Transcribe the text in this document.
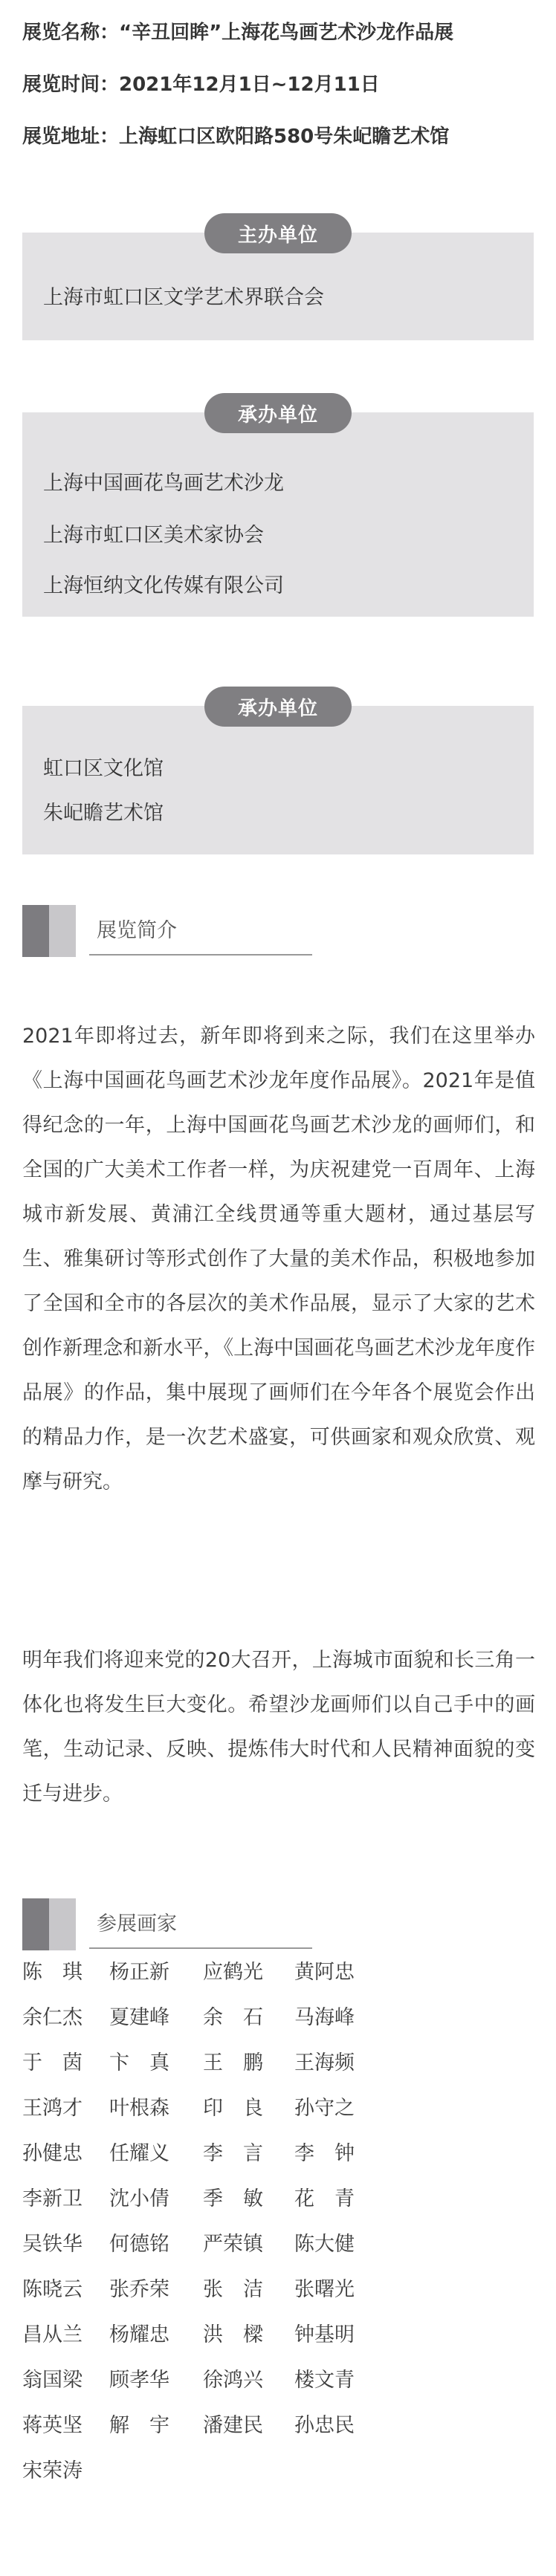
展览名称：“辛丑回眸”上海花鸟画艺术沙龙作品展
展览时间：2021年12月1日~12月11日
展览地址：上海虹口区欧阳路580号朱屺瞻艺术馆
主办单位
上海市虹口区文学艺术界联合会
承办单位
上海中国画花鸟画艺术沙龙
上海市虹口区美术家协会
上海恒纳文化传媒有限公司
承办单位
虹口区文化馆
朱屺瞻艺术馆
展览简介

2021年即将过去，新年即将到来之际，我们在这里举办《上海中国画花鸟画艺术沙龙年度作品展》。2021年是值得纪念的一年，上海中国画花鸟画艺术沙龙的画师们，和全国的广大美术工作者一样，为庆祝建党一百周年、上海城市新发展、黄浦江全线贯通等重大题材，通过基层写生、雅集研讨等形式创作了大量的美术作品，积极地参加了全国和全市的各层次的美术作品展，显示了大家的艺术创作新理念和新水平，《上海中国画花鸟画艺术沙龙年度作品展》的作品，集中展现了画师们在今年各个展览会作出的精品力作，是一次艺术盛宴，可供画家和观众欣赏、观摩与研究。

明年我们将迎来党的20大召开，上海城市面貌和长三角一体化也将发生巨大变化。希望沙龙画师们以自己手中的画笔，生动记录、反映、提炼伟大时代和人民精神面貌的变迁与进步。

参展画家
陈　琪	杨正新	应鹤光	黄阿忠
余仁杰	夏建峰	余　石	马海峰
于　茵	卞　真	王　鹏	王海频
王鸿才	叶根森	印　良	孙守之
孙健忠	任耀义	李　言	李　钟
李新卫	沈小倩	季　敏	花　青
吴铁华	何德铭	严荣镇	陈大健
陈晓云	张乔荣	张　洁	张曙光
昌从兰	杨耀忠	洪　樑	钟基明
翁国梁	顾孝华	徐鸿兴	楼文青
蒋英坚	解　宇	潘建民	孙忠民
宋荣涛
